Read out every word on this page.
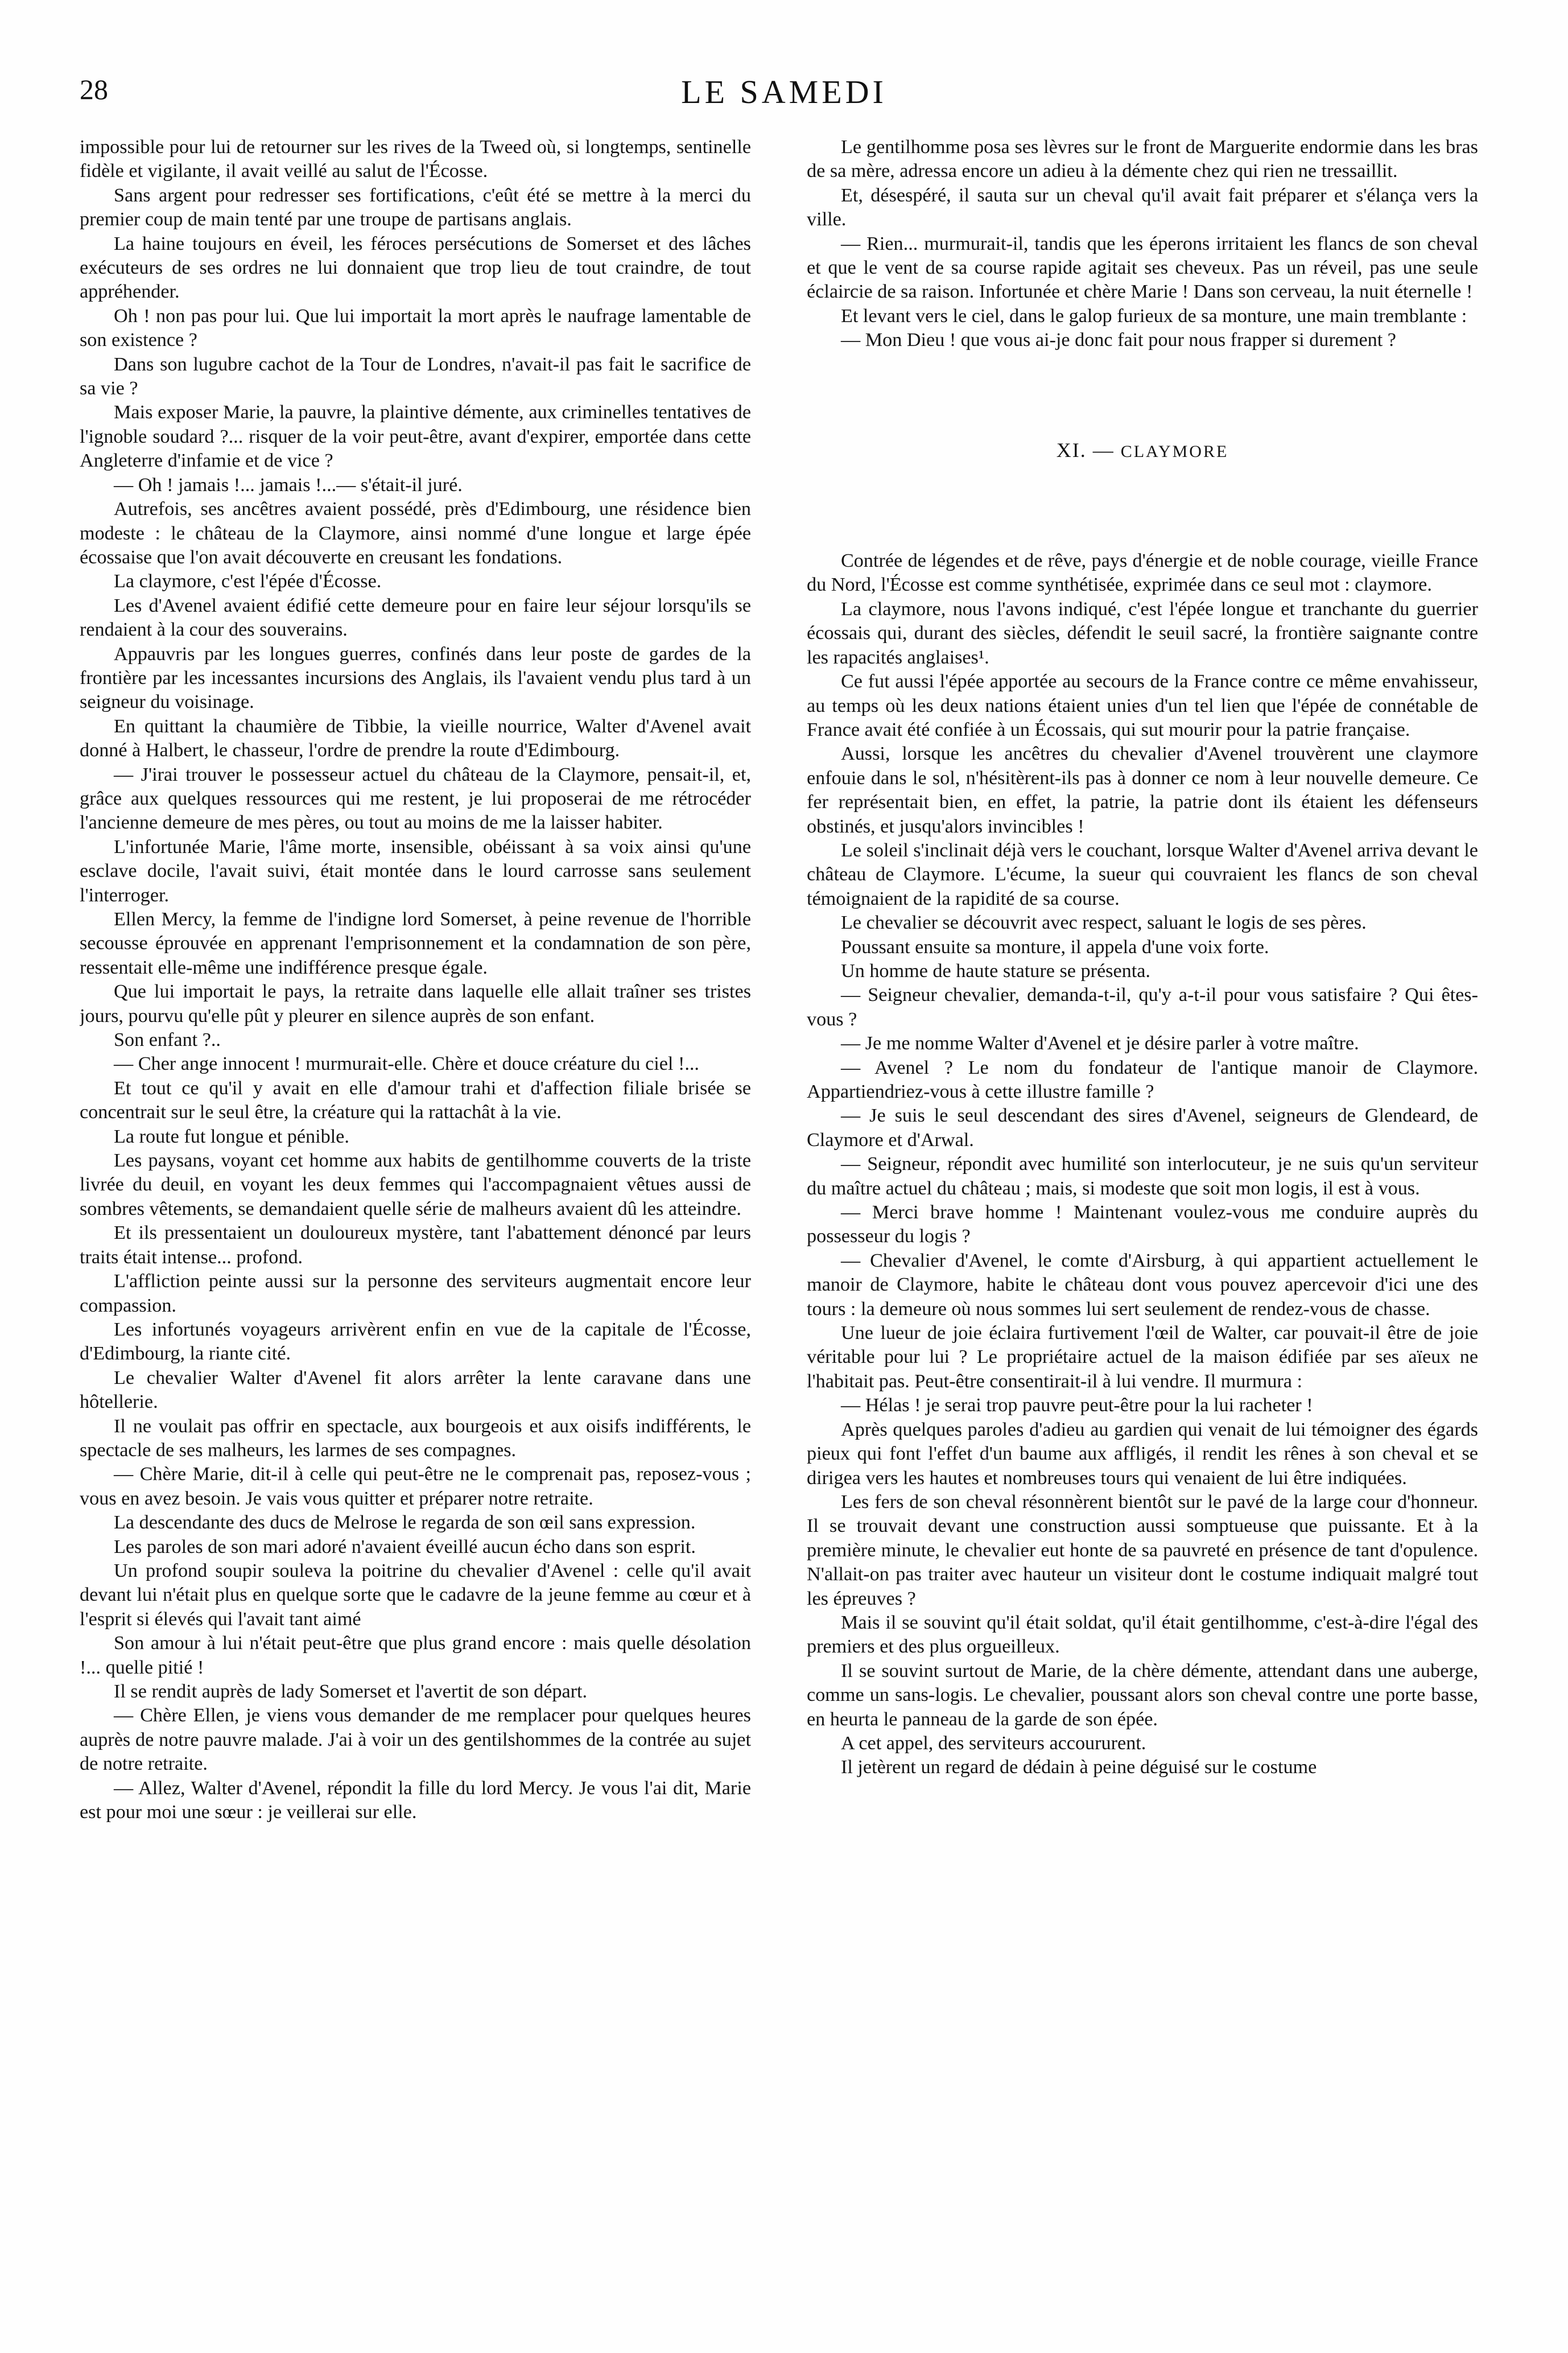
28	LE SAMEDI

impossible pour lui de retourner sur les rives de la Tweed où, si longtemps, sentinelle fidèle et vigilante, il avait veillé au salut de l'Écosse.

Sans argent pour redresser ses fortifications, c'eût été se mettre à la merci du premier coup de main tenté par une troupe de partisans anglais.

La haine toujours en éveil, les féroces persécutions de Somerset et des lâches exécuteurs de ses ordres ne lui donnaient que trop lieu de tout craindre, de tout appréhender.

Oh ! non pas pour lui. Que lui importait la mort après le naufrage lamentable de son existence ?

Dans son lugubre cachot de la Tour de Londres, n'avait-il pas fait le sacrifice de sa vie ?

Mais exposer Marie, la pauvre, la plaintive démente, aux criminelles tentatives de l'ignoble soudard ?... risquer de la voir peut-être, avant d'expirer, emportée dans cette Angleterre d'infamie et de vice ?

— Oh ! jamais !... jamais !...— s'était-il juré.

Autrefois, ses ancêtres avaient possédé, près d'Edimbourg, une résidence bien modeste : le château de la Claymore, ainsi nommé d'une longue et large épée écossaise que l'on avait découverte en creusant les fondations.

La claymore, c'est l'épée d'Écosse.

Les d'Avenel avaient édifié cette demeure pour en faire leur séjour lorsqu'ils se rendaient à la cour des souverains.

Appauvris par les longues guerres, confinés dans leur poste de gardes de la frontière par les incessantes incursions des Anglais, ils l'avaient vendu plus tard à un seigneur du voisinage.

En quittant la chaumière de Tibbie, la vieille nourrice, Walter d'Avenel avait donné à Halbert, le chasseur, l'ordre de prendre la route d'Edimbourg.

— J'irai trouver le possesseur actuel du château de la Claymore, pensait-il, et, grâce aux quelques ressources qui me restent, je lui proposerai de me rétrocéder l'ancienne demeure de mes pères, ou tout au moins de me la laisser habiter.

L'infortunée Marie, l'âme morte, insensible, obéissant à sa voix ainsi qu'une esclave docile, l'avait suivi, était montée dans le lourd carrosse sans seulement l'interroger.

Ellen Mercy, la femme de l'indigne lord Somerset, à peine revenue de l'horrible secousse éprouvée en apprenant l'emprisonnement et la condamnation de son père, ressentait elle-même une indifférence presque égale.

Que lui importait le pays, la retraite dans laquelle elle allait traîner ses tristes jours, pourvu qu'elle pût y pleurer en silence auprès de son enfant.

Son enfant ?..

— Cher ange innocent ! murmurait-elle. Chère et douce créature du ciel !...

Et tout ce qu'il y avait en elle d'amour trahi et d'affection filiale brisée se concentrait sur le seul être, la créature qui la rattachât à la vie.

La route fut longue et pénible.

Les paysans, voyant cet homme aux habits de gentilhomme couverts de la triste livrée du deuil, en voyant les deux femmes qui l'accompagnaient vêtues aussi de sombres vêtements, se demandaient quelle série de malheurs avaient dû les atteindre.

Et ils pressentaient un douloureux mystère, tant l'abattement dénoncé par leurs traits était intense... profond.

L'affliction peinte aussi sur la personne des serviteurs augmentait encore leur compassion.

Les infortunés voyageurs arrivèrent enfin en vue de la capitale de l'Écosse, d'Edimbourg, la riante cité.

Le chevalier Walter d'Avenel fit alors arrêter la lente caravane dans une hôtellerie.

Il ne voulait pas offrir en spectacle, aux bourgeois et aux oisifs indifférents, le spectacle de ses malheurs, les larmes de ses compagnes.

— Chère Marie, dit-il à celle qui peut-être ne le comprenait pas, reposez-vous ; vous en avez besoin. Je vais vous quitter et préparer notre retraite.

La descendante des ducs de Melrose le regarda de son œil sans expression.

Les paroles de son mari adoré n'avaient éveillé aucun écho dans son esprit.

Un profond soupir souleva la poitrine du chevalier d'Avenel : celle qu'il avait devant lui n'était plus en quelque sorte que le cadavre de la jeune femme au cœur et à l'esprit si élevés qui l'avait tant aimé

Son amour à lui n'était peut-être que plus grand encore : mais quelle désolation !... quelle pitié !

Il se rendit auprès de lady Somerset et l'avertit de son départ.

— Chère Ellen, je viens vous demander de me remplacer pour quelques heures auprès de notre pauvre malade. J'ai à voir un des gentilshommes de la contrée au sujet de notre retraite.

— Allez, Walter d'Avenel, répondit la fille du lord Mercy. Je vous l'ai dit, Marie est pour moi une sœur : je veillerai sur elle.

Le gentilhomme posa ses lèvres sur le front de Marguerite endormie dans les bras de sa mère, adressa encore un adieu à la démente chez qui rien ne tressaillit.

Et, désespéré, il sauta sur un cheval qu'il avait fait préparer et s'élança vers la ville.

— Rien... murmurait-il, tandis que les éperons irritaient les flancs de son cheval et que le vent de sa course rapide agitait ses cheveux. Pas un réveil, pas une seule éclaircie de sa raison. Infortunée et chère Marie ! Dans son cerveau, la nuit éternelle !

Et levant vers le ciel, dans le galop furieux de sa monture, une main tremblante :

— Mon Dieu ! que vous ai-je donc fait pour nous frapper si durement ?

XI. — CLAYMORE

Contrée de légendes et de rêve, pays d'énergie et de noble courage, vieille France du Nord, l'Écosse est comme synthétisée, exprimée dans ce seul mot : claymore.

La claymore, nous l'avons indiqué, c'est l'épée longue et tranchante du guerrier écossais qui, durant des siècles, défendit le seuil sacré, la frontière saignante contre les rapacités anglaises¹.

Ce fut aussi l'épée apportée au secours de la France contre ce même envahisseur, au temps où les deux nations étaient unies d'un tel lien que l'épée de connétable de France avait été confiée à un Écossais, qui sut mourir pour la patrie française.

Aussi, lorsque les ancêtres du chevalier d'Avenel trouvèrent une claymore enfouie dans le sol, n'hésitèrent-ils pas à donner ce nom à leur nouvelle demeure. Ce fer représentait bien, en effet, la patrie, la patrie dont ils étaient les défenseurs obstinés, et jusqu'alors invincibles !

Le soleil s'inclinait déjà vers le couchant, lorsque Walter d'Avenel arriva devant le château de Claymore. L'écume, la sueur qui couvraient les flancs de son cheval témoignaient de la rapidité de sa course.

Le chevalier se découvrit avec respect, saluant le logis de ses pères.

Poussant ensuite sa monture, il appela d'une voix forte.

Un homme de haute stature se présenta.

— Seigneur chevalier, demanda-t-il, qu'y a-t-il pour vous satisfaire ? Qui êtes-vous ?

— Je me nomme Walter d'Avenel et je désire parler à votre maître.

— Avenel ? Le nom du fondateur de l'antique manoir de Claymore. Appartiendriez-vous à cette illustre famille ?

— Je suis le seul descendant des sires d'Avenel, seigneurs de Glendeard, de Claymore et d'Arwal.

— Seigneur, répondit avec humilité son interlocuteur, je ne suis qu'un serviteur du maître actuel du château ; mais, si modeste que soit mon logis, il est à vous.

— Merci brave homme ! Maintenant voulez-vous me conduire auprès du possesseur du logis ?

— Chevalier d'Avenel, le comte d'Airsburg, à qui appartient actuellement le manoir de Claymore, habite le château dont vous pouvez apercevoir d'ici une des tours : la demeure où nous sommes lui sert seulement de rendez-vous de chasse.

Une lueur de joie éclaira furtivement l'œil de Walter, car pouvait-il être de joie véritable pour lui ? Le propriétaire actuel de la maison édifiée par ses aïeux ne l'habitait pas. Peut-être consentirait-il à lui vendre. Il murmura :

— Hélas ! je serai trop pauvre peut-être pour la lui racheter !

Après quelques paroles d'adieu au gardien qui venait de lui témoigner des égards pieux qui font l'effet d'un baume aux affligés, il rendit les rênes à son cheval et se dirigea vers les hautes et nombreuses tours qui venaient de lui être indiquées.

Les fers de son cheval résonnèrent bientôt sur le pavé de la large cour d'honneur. Il se trouvait devant une construction aussi somptueuse que puissante. Et à la première minute, le chevalier eut honte de sa pauvreté en présence de tant d'opulence. N'allait-on pas traiter avec hauteur un visiteur dont le costume indiquait malgré tout les épreuves ?

Mais il se souvint qu'il était soldat, qu'il était gentilhomme, c'est-à-dire l'égal des premiers et des plus orgueilleux.

Il se souvint surtout de Marie, de la chère démente, attendant dans une auberge, comme un sans-logis. Le chevalier, poussant alors son cheval contre une porte basse, en heurta le panneau de la garde de son épée.

A cet appel, des serviteurs accoururent.

Il jetèrent un regard de dédain à peine déguisé sur le costume
